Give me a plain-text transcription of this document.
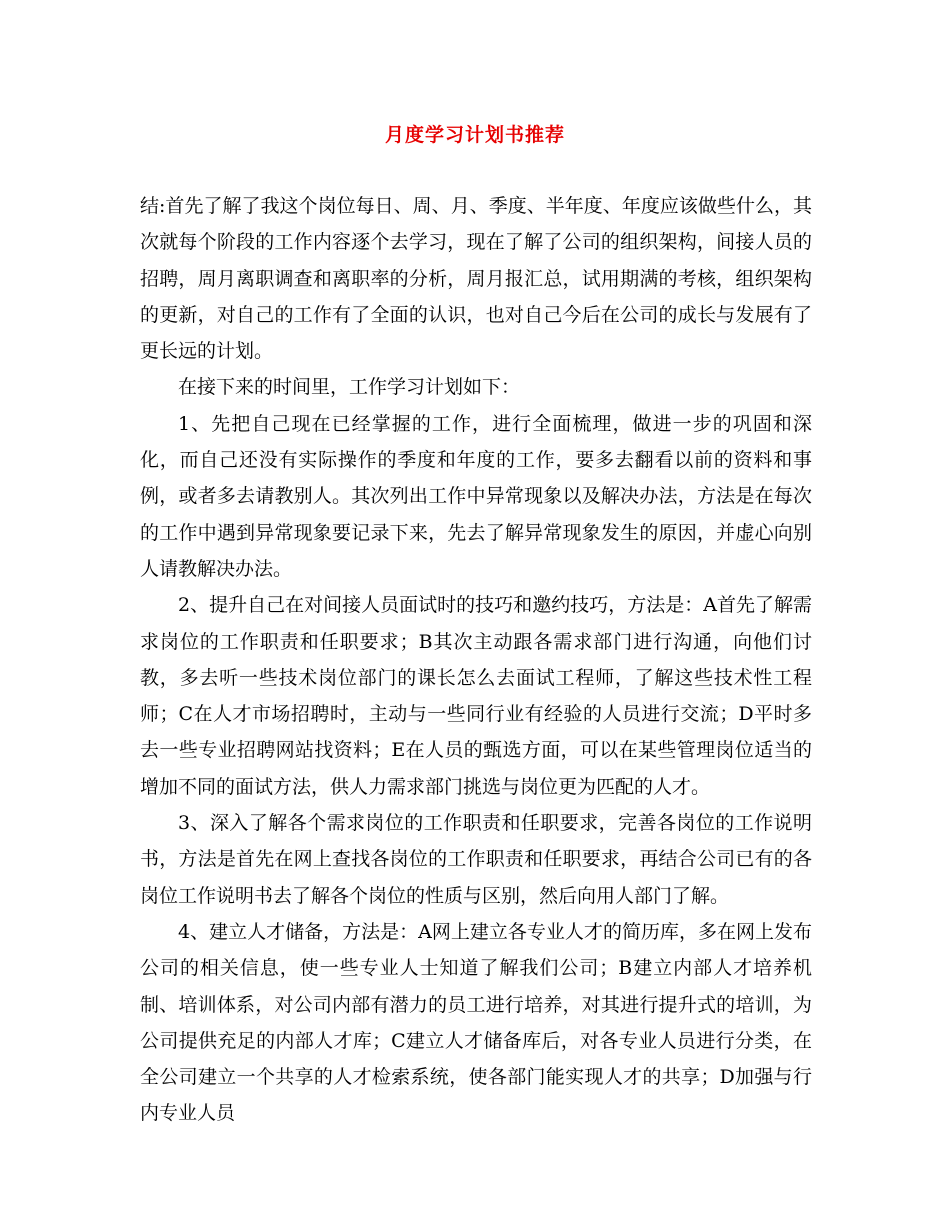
月度学习计划书推荐

结:首先了解了我这个岗位每日、周、月、季度、半年度、年度应该做些什么，其次就每个阶段的工作内容逐个去学习，现在了解了公司的组织架构，间接人员的招聘，周月离职调查和离职率的分析，周月报汇总，试用期满的考核，组织架构的更新，对自己的工作有了全面的认识，也对自己今后在公司的成长与发展有了更长远的计划。

在接下来的时间里，工作学习计划如下：

1、先把自己现在已经掌握的工作，进行全面梳理，做进一步的巩固和深化，而自己还没有实际操作的季度和年度的工作，要多去翻看以前的资料和事例，或者多去请教别人。其次列出工作中异常现象以及解决办法，方法是在每次的工作中遇到异常现象要记录下来，先去了解异常现象发生的原因，并虚心向别人请教解决办法。

2、提升自己在对间接人员面试时的技巧和邀约技巧，方法是：A首先了解需求岗位的工作职责和任职要求；B其次主动跟各需求部门进行沟通，向他们讨教，多去听一些技术岗位部门的课长怎么去面试工程师，了解这些技术性工程师；C在人才市场招聘时，主动与一些同行业有经验的人员进行交流；D平时多去一些专业招聘网站找资料；E在人员的甄选方面，可以在某些管理岗位适当的增加不同的面试方法，供人力需求部门挑选与岗位更为匹配的人才。

3、深入了解各个需求岗位的工作职责和任职要求，完善各岗位的工作说明书，方法是首先在网上查找各岗位的工作职责和任职要求，再结合公司已有的各岗位工作说明书去了解各个岗位的性质与区别，然后向用人部门了解。

4、建立人才储备，方法是：A网上建立各专业人才的简历库，多在网上发布公司的相关信息，使一些专业人士知道了解我们公司；B建立内部人才培养机制、培训体系，对公司内部有潜力的员工进行培养，对其进行提升式的培训，为公司提供充足的内部人才库；C建立人才储备库后，对各专业人员进行分类，在全公司建立一个共享的人才检索系统，使各部门能实现人才的共享；D加强与行内专业人员
